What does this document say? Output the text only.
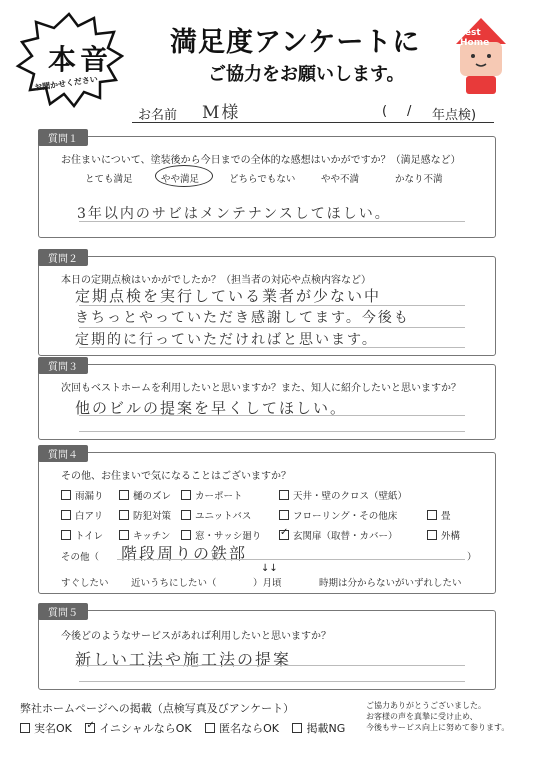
本音
お聞かせください
満足度アンケートに
ご協力をお願いします。
Best
Home
お名前 M様	( / 年点検)
質問１
お住まいについて、塗装後から今日までの全体的な感想はいかがですか？（満足感など）
とても満足	やや満足	どちらでもない	やや不満	かなり不満
3年以内のサビはメンテナンスしてほしい。
質問２
本日の定期点検はいかがでしたか？（担当者の対応や点検内容など）
定期点検を実行している業者が少ない中
きちっとやっていただき感謝してます。今後も
定期的に行っていただければと思います。
質問３
次回もベストホームを利用したいと思いますか？また、知人に紹介したいと思いますか？
他のビルの提案を早くしてほしい。
質問４
その他、お住まいで気になることはございますか？
雨漏り	樋のズレ	カーポート	天井・壁のクロス（壁紙）
白アリ	防犯対策	ユニットバス	フローリング・その他床	畳
トイレ	キッチン	窓・サッシ廻り ✓	玄関扉（取替・カバー）	外構
その他（ 階段周りの鉄部	）
↓↓
すぐしたい 近いうちにしたい（	）月頃	時期は分からないがいずれしたい
質問５
今後どのようなサービスがあれば利用したいと思いますか？
新しい工法や施工法の提案
弊社ホームページへの掲載（点検写真及びアンケート）
実名OK ✓	イニシャルならOK	匿名ならOK	掲載NG
ご協力ありがとうございました。
お客様の声を真摯に受け止め、
今後もサービス向上に努めて参ります。
